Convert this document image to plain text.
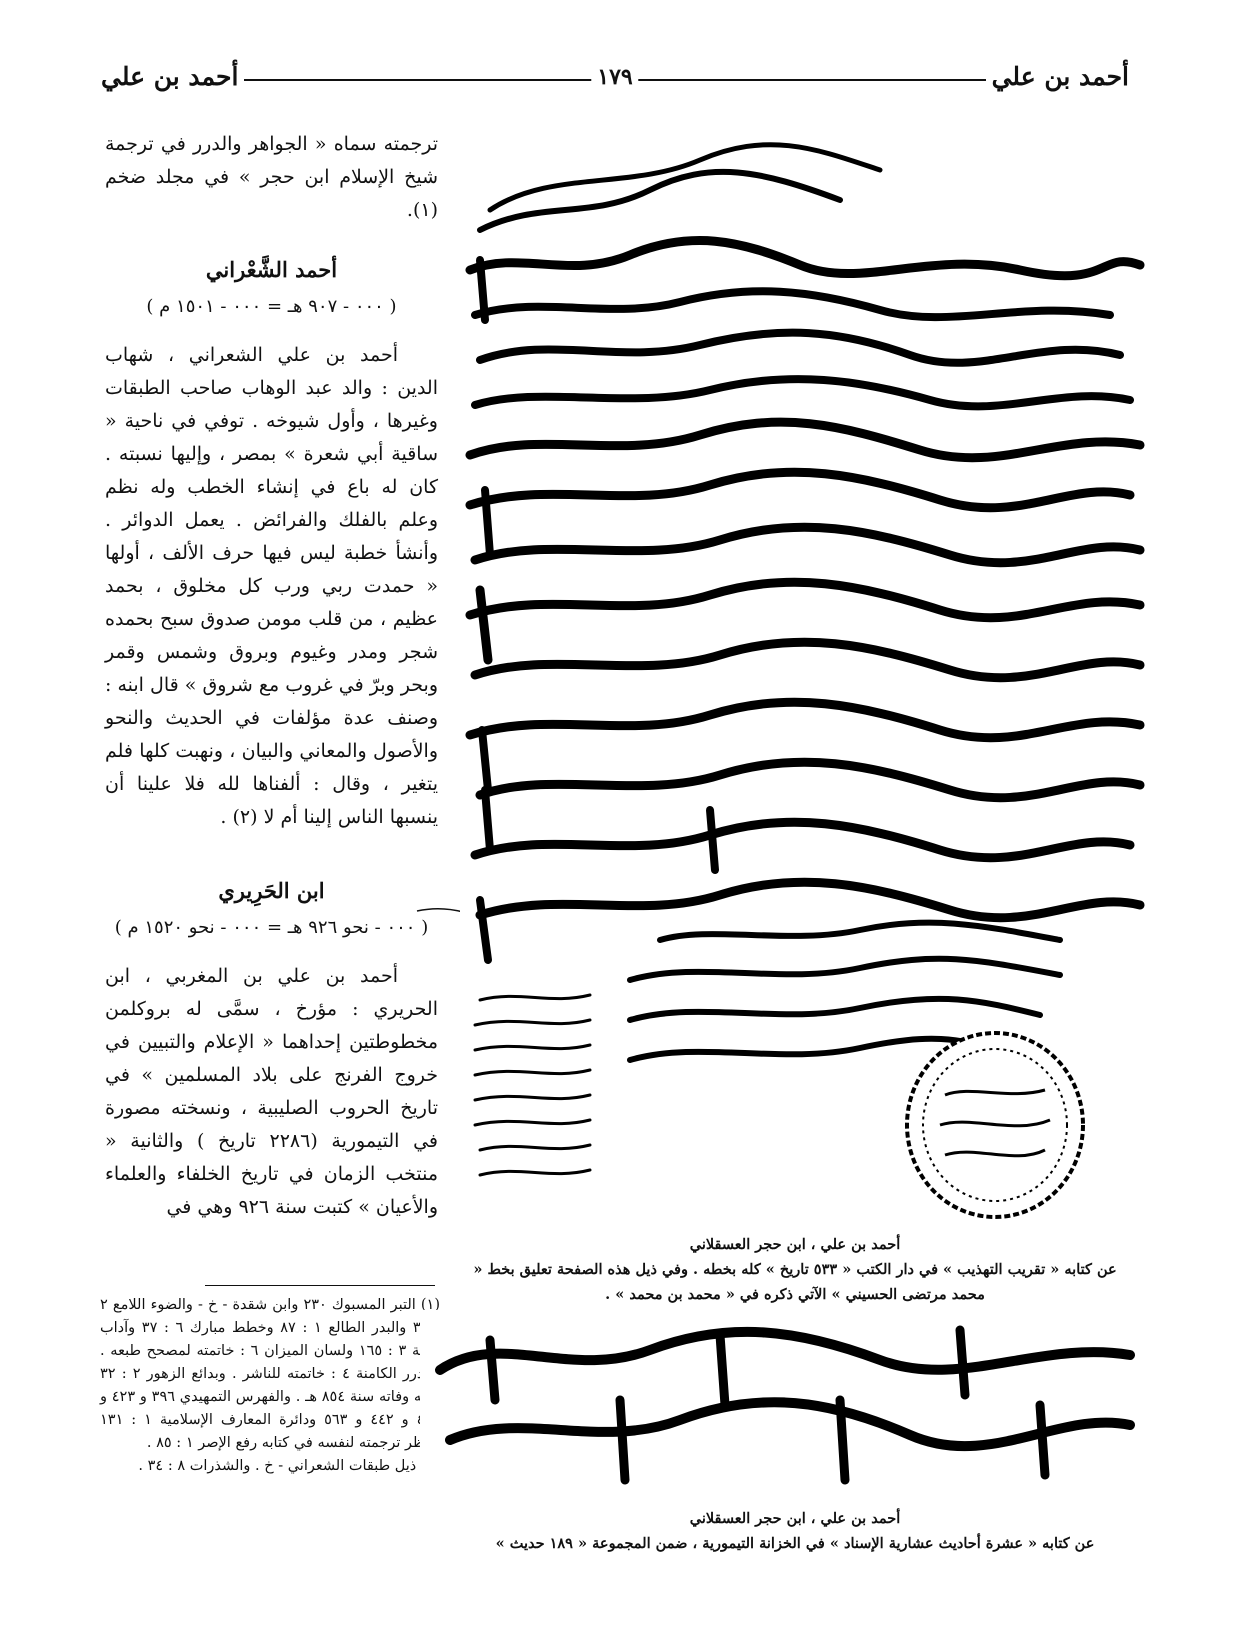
أحمد بن علي	١٧٩	أحمد بن علي

ترجمته سماه « الجواهر والدرر في ترجمة شيخ الإسلام ابن حجر » في مجلد ضخم (١).

أحمد الشَّعْراني

( ٠٠٠ - ٩٠٧ هـ = ٠٠٠ - ١٥٠١ م )

أحمد بن علي الشعراني ، شهاب الدين : والد عبد الوهاب صاحب الطبقات وغيرها ، وأول شيوخه . توفي في ناحية « ساقية أبي شعرة » بمصر ، وإليها نسبته . كان له باع في إنشاء الخطب وله نظم وعلم بالفلك والفرائض . يعمل الدوائر . وأنشأ خطبة ليس فيها حرف الألف ، أولها « حمدت ربي ورب كل مخلوق ، بحمد عظيم ، من قلب مومن صدوق سبح بحمده شجر ومدر وغيوم وبروق وشمس وقمر وبحر وبرّ في غروب مع شروق » قال ابنه : وصنف عدة مؤلفات في الحديث والنحو والأصول والمعاني والبيان ، ونهبت كلها فلم يتغير ، وقال : ألفناها لله فلا علينا أن ينسبها الناس إلينا أم لا (٢) .

ابن الحَرِيري

( ٠٠٠ - نحو ٩٢٦ هـ = ٠٠٠ - نحو ١٥٢٠ م )

أحمد بن علي بن المغربي ، ابن الحريري : مؤرخ ، سمَّى له بروكلمن مخطوطتين إحداهما « الإعلام والتبيين في خروج الفرنج على بلاد المسلمين » في تاريخ الحروب الصليبية ، ونسخته مصورة في التيمورية (٢٢٨٦ تاريخ ) والثانية « منتخب الزمان في تاريخ الخلفاء والعلماء والأعيان » كتبت سنة ٩٢٦ وهي في

(١) التبر المسبوك ٢٣٠ وابن شقدة - خ - والضوء اللامع ٢ : ٣٦ والبدر الطالع ١ : ٨٧ وخطط مبارك ٦ : ٣٧ وآداب اللغة ٣ : ١٦٥ ولسان الميزان ٦ : خاتمته لمصحح طبعه . والدرر الكامنة ٤ : خاتمته للناشر . وبدائع الزهور ٢ : ٣٢ وفيه وفاته سنة ٨٥٤ هـ . والفهرس التمهيدي ٣٩٦ و ٤٢٣ و ٤٢٤ و ٤٤٢ و ٥٦٣ ودائرة المعارف الإسلامية ١ : ١٣١ وانظر ترجمته لنفسه في كتابه رفع الإصر ١ : ٨٥ .

(٢) ذيل طبقات الشعراني - خ . والشذرات ٨ : ٣٤ .

أحمد بن علي ، ابن حجر العسقلاني
عن كتابه « تقريب التهذيب » في دار الكتب « ٥٣٣ تاريخ » كله بخطه . وفي ذيل هذه الصفحة تعليق بخط « محمد مرتضى الحسيني » الآتي ذكره في « محمد بن محمد » .
أحمد بن علي ، ابن حجر العسقلاني
عن كتابه « عشرة أحاديث عشارية الإسناد » في الخزانة التيمورية ، ضمن المجموعة « ١٨٩ حديث »
